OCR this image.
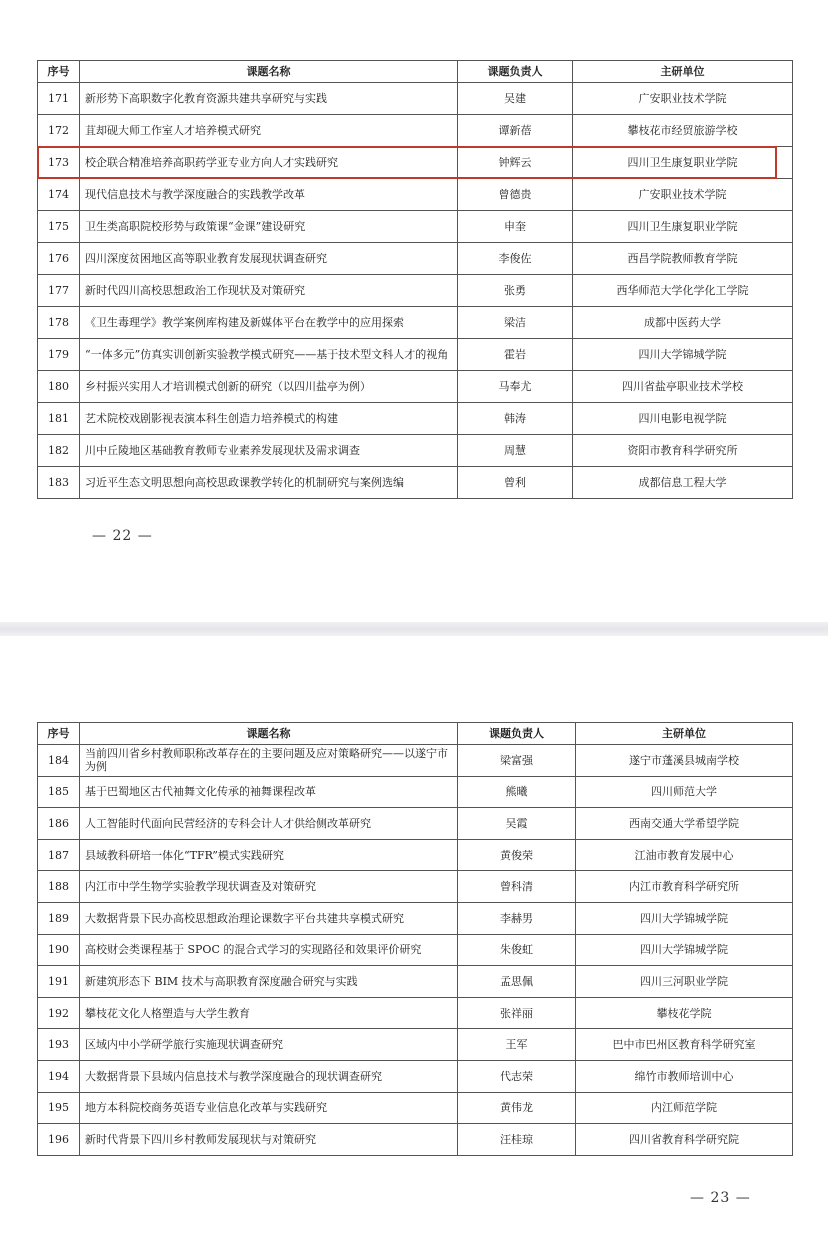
序号	课题名称	课题负责人	主研单位
171	新形势下高职数字化教育资源共建共享研究与实践	吴建	广安职业技术学院
172	苴却砚大师工作室人才培养模式研究	谭新蓓	攀枝花市经贸旅游学校
173	校企联合精准培养高职药学亚专业方向人才实践研究	钟辉云	四川卫生康复职业学院
174	现代信息技术与教学深度融合的实践教学改革	曾德贵	广安职业技术学院
175	卫生类高职院校形势与政策课“金课”建设研究	申奎	四川卫生康复职业学院
176	四川深度贫困地区高等职业教育发展现状调查研究	李俊佐	西昌学院教师教育学院
177	新时代四川高校思想政治工作现状及对策研究	张勇	西华师范大学化学化工学院
178	《卫生毒理学》教学案例库构建及新媒体平台在教学中的应用探索	梁洁	成都中医药大学
179	“一体多元”仿真实训创新实验教学模式研究——基于技术型文科人才的视角	霍岩	四川大学锦城学院
180	乡村振兴实用人才培训模式创新的研究（以四川盐亭为例）	马奉尤	四川省盐亭职业技术学校
181	艺术院校戏剧影视表演本科生创造力培养模式的构建	韩涛	四川电影电视学院
182	川中丘陵地区基础教育教师专业素养发展现状及需求调查	周慧	资阳市教育科学研究所
183	习近平生态文明思想向高校思政课教学转化的机制研究与案例选编	曾利	成都信息工程大学
— 22 —
序号	课题名称	课题负责人	主研单位
184	当前四川省乡村教师职称改革存在的主要问题及应对策略研究——以遂宁市为例	梁富强	遂宁市蓬溪县城南学校
185	基于巴蜀地区古代袖舞文化传承的袖舞课程改革	熊曦	四川师范大学
186	人工智能时代面向民营经济的专科会计人才供给侧改革研究	吴霞	西南交通大学希望学院
187	县域教科研培一体化“TFR”模式实践研究	黄俊荣	江油市教育发展中心
188	内江市中学生物学实验教学现状调查及对策研究	曾科清	内江市教育科学研究所
189	大数据背景下民办高校思想政治理论课数字平台共建共享模式研究	李赫男	四川大学锦城学院
190	高校财会类课程基于 SPOC 的混合式学习的实现路径和效果评价研究	朱俊虹	四川大学锦城学院
191	新建筑形态下 BIM 技术与高职教育深度融合研究与实践	孟思佩	四川三河职业学院
192	攀枝花文化人格塑造与大学生教育	张祥丽	攀枝花学院
193	区域内中小学研学旅行实施现状调查研究	王军	巴中市巴州区教育科学研究室
194	大数据背景下县域内信息技术与教学深度融合的现状调查研究	代志荣	绵竹市教师培训中心
195	地方本科院校商务英语专业信息化改革与实践研究	黄伟龙	内江师范学院
196	新时代背景下四川乡村教师发展现状与对策研究	汪桂琼	四川省教育科学研究院
— 23 —
